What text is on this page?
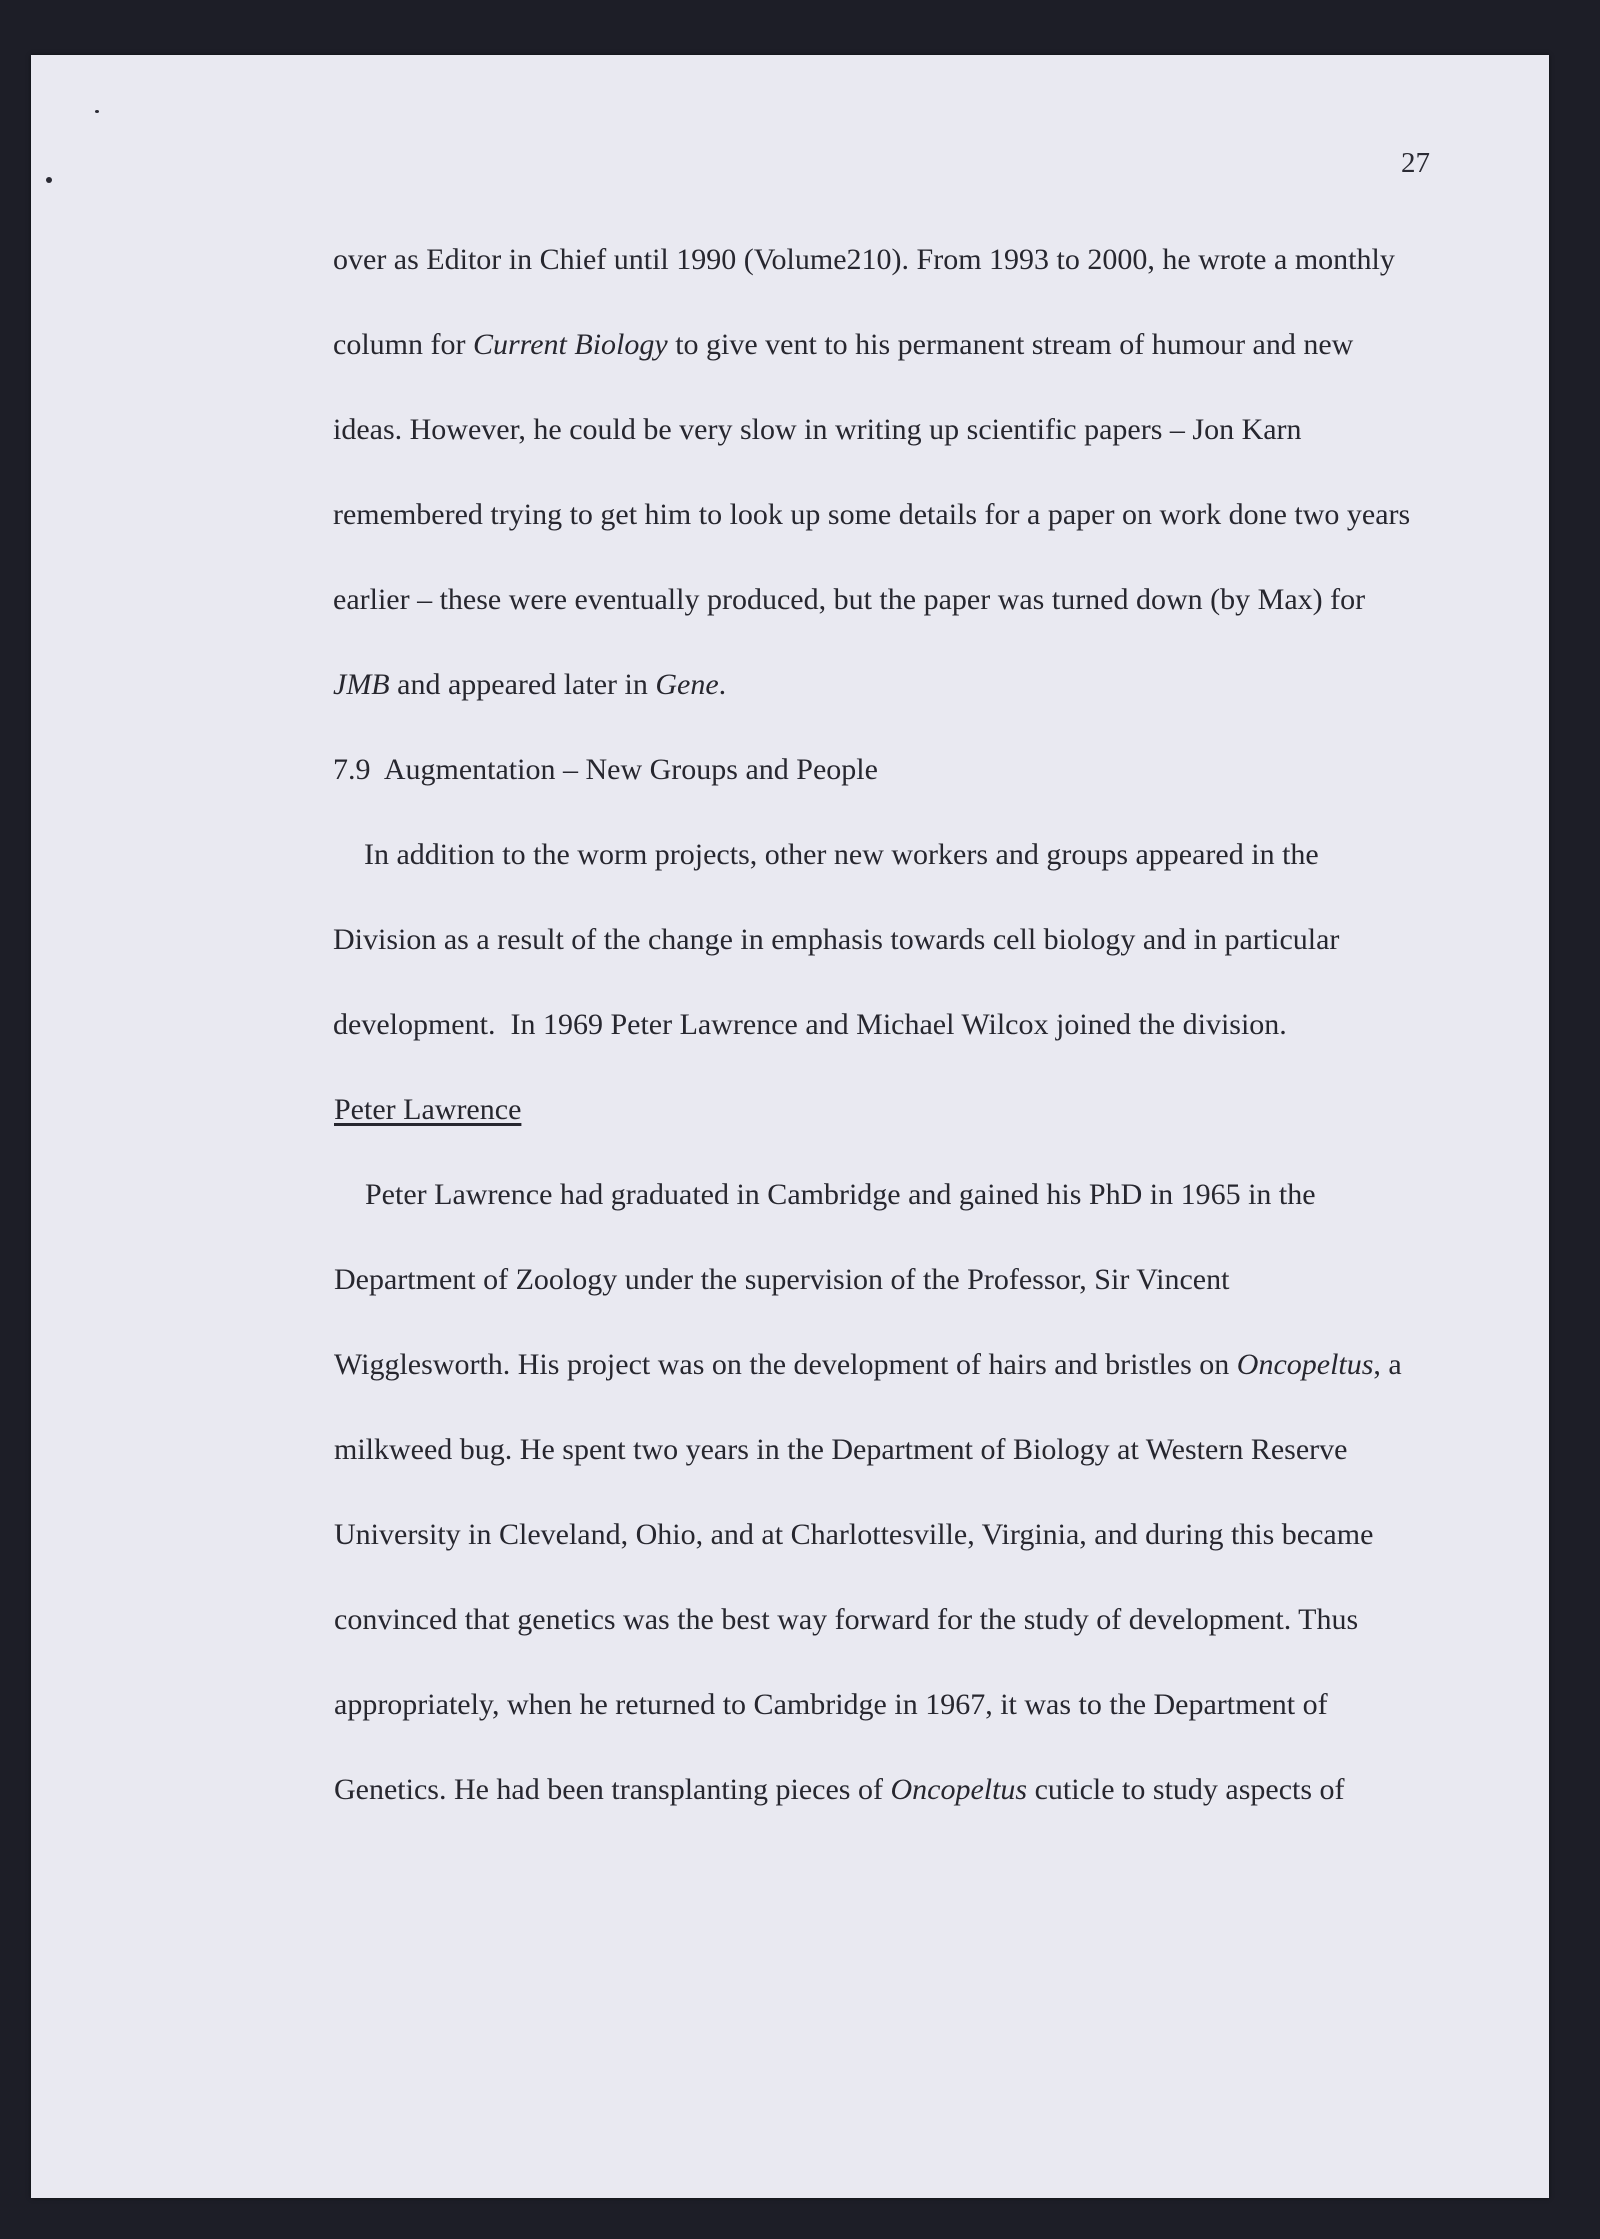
27

over as Editor in Chief until 1990 (Volume210). From 1993 to 2000, he wrote a monthly

column for Current Biology to give vent to his permanent stream of humour and new

ideas. However, he could be very slow in writing up scientific papers – Jon Karn

remembered trying to get him to look up some details for a paper on work done two years

earlier – these were eventually produced, but the paper was turned down (by Max) for

JMB and appeared later in Gene.

7.9  Augmentation – New Groups and People

In addition to the worm projects, other new workers and groups appeared in the

Division as a result of the change in emphasis towards cell biology and in particular

development.  In 1969 Peter Lawrence and Michael Wilcox joined the division.

Peter Lawrence

Peter Lawrence had graduated in Cambridge and gained his PhD in 1965 in the

Department of Zoology under the supervision of the Professor, Sir Vincent

Wigglesworth. His project was on the development of hairs and bristles on Oncopeltus, a

milkweed bug. He spent two years in the Department of Biology at Western Reserve

University in Cleveland, Ohio, and at Charlottesville, Virginia, and during this became

convinced that genetics was the best way forward for the study of development. Thus

appropriately, when he returned to Cambridge in 1967, it was to the Department of

Genetics. He had been transplanting pieces of Oncopeltus cuticle to study aspects of
